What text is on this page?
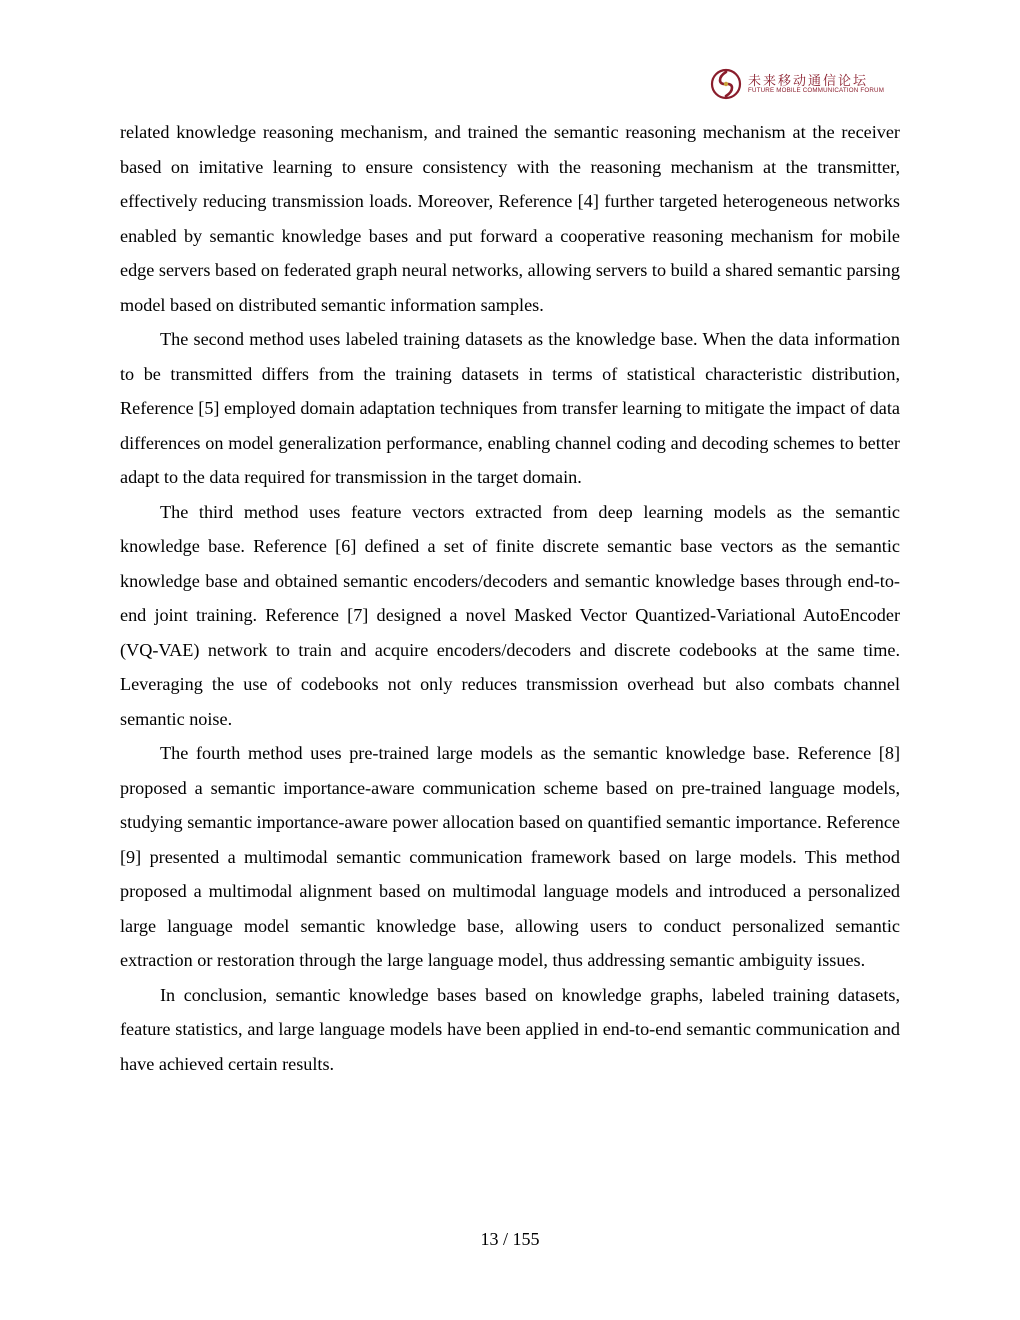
未来移动通信论坛
FUTURE MOBILE COMMUNICATION FORUM

related knowledge reasoning mechanism, and trained the semantic reasoning mechanism at the receiver based on imitative learning to ensure consistency with the reasoning mechanism at the transmitter, effectively reducing transmission loads. Moreover, Reference [4] further targeted heterogeneous networks enabled by semantic knowledge bases and put forward a cooperative reasoning mechanism for mobile edge servers based on federated graph neural networks, allowing servers to build a shared semantic parsing model based on distributed semantic information samples.

The second method uses labeled training datasets as the knowledge base. When the data information to be transmitted differs from the training datasets in terms of statistical characteristic distribution, Reference [5] employed domain adaptation techniques from transfer learning to mitigate the impact of data differences on model generalization performance, enabling channel coding and decoding schemes to better adapt to the data required for transmission in the target domain.

The third method uses feature vectors extracted from deep learning models as the semantic knowledge base. Reference [6] defined a set of finite discrete semantic base vectors as the semantic knowledge base and obtained semantic encoders/decoders and semantic knowledge bases through end-to-end joint training. Reference [7] designed a novel Masked Vector Quantized-Variational AutoEncoder (VQ-VAE) network to train and acquire encoders/decoders and discrete codebooks at the same time. Leveraging the use of codebooks not only reduces transmission overhead but also combats channel semantic noise.

The fourth method uses pre-trained large models as the semantic knowledge base. Reference [8] proposed a semantic importance-aware communication scheme based on pre-trained language models, studying semantic importance-aware power allocation based on quantified semantic importance. Reference [9] presented a multimodal semantic communication framework based on large models. This method proposed a multimodal alignment based on multimodal language models and introduced a personalized large language model semantic knowledge base, allowing users to conduct personalized semantic extraction or restoration through the large language model, thus addressing semantic ambiguity issues.

In conclusion, semantic knowledge bases based on knowledge graphs, labeled training datasets, feature statistics, and large language models have been applied in end-to-end semantic communication and have achieved certain results.

13 / 155
